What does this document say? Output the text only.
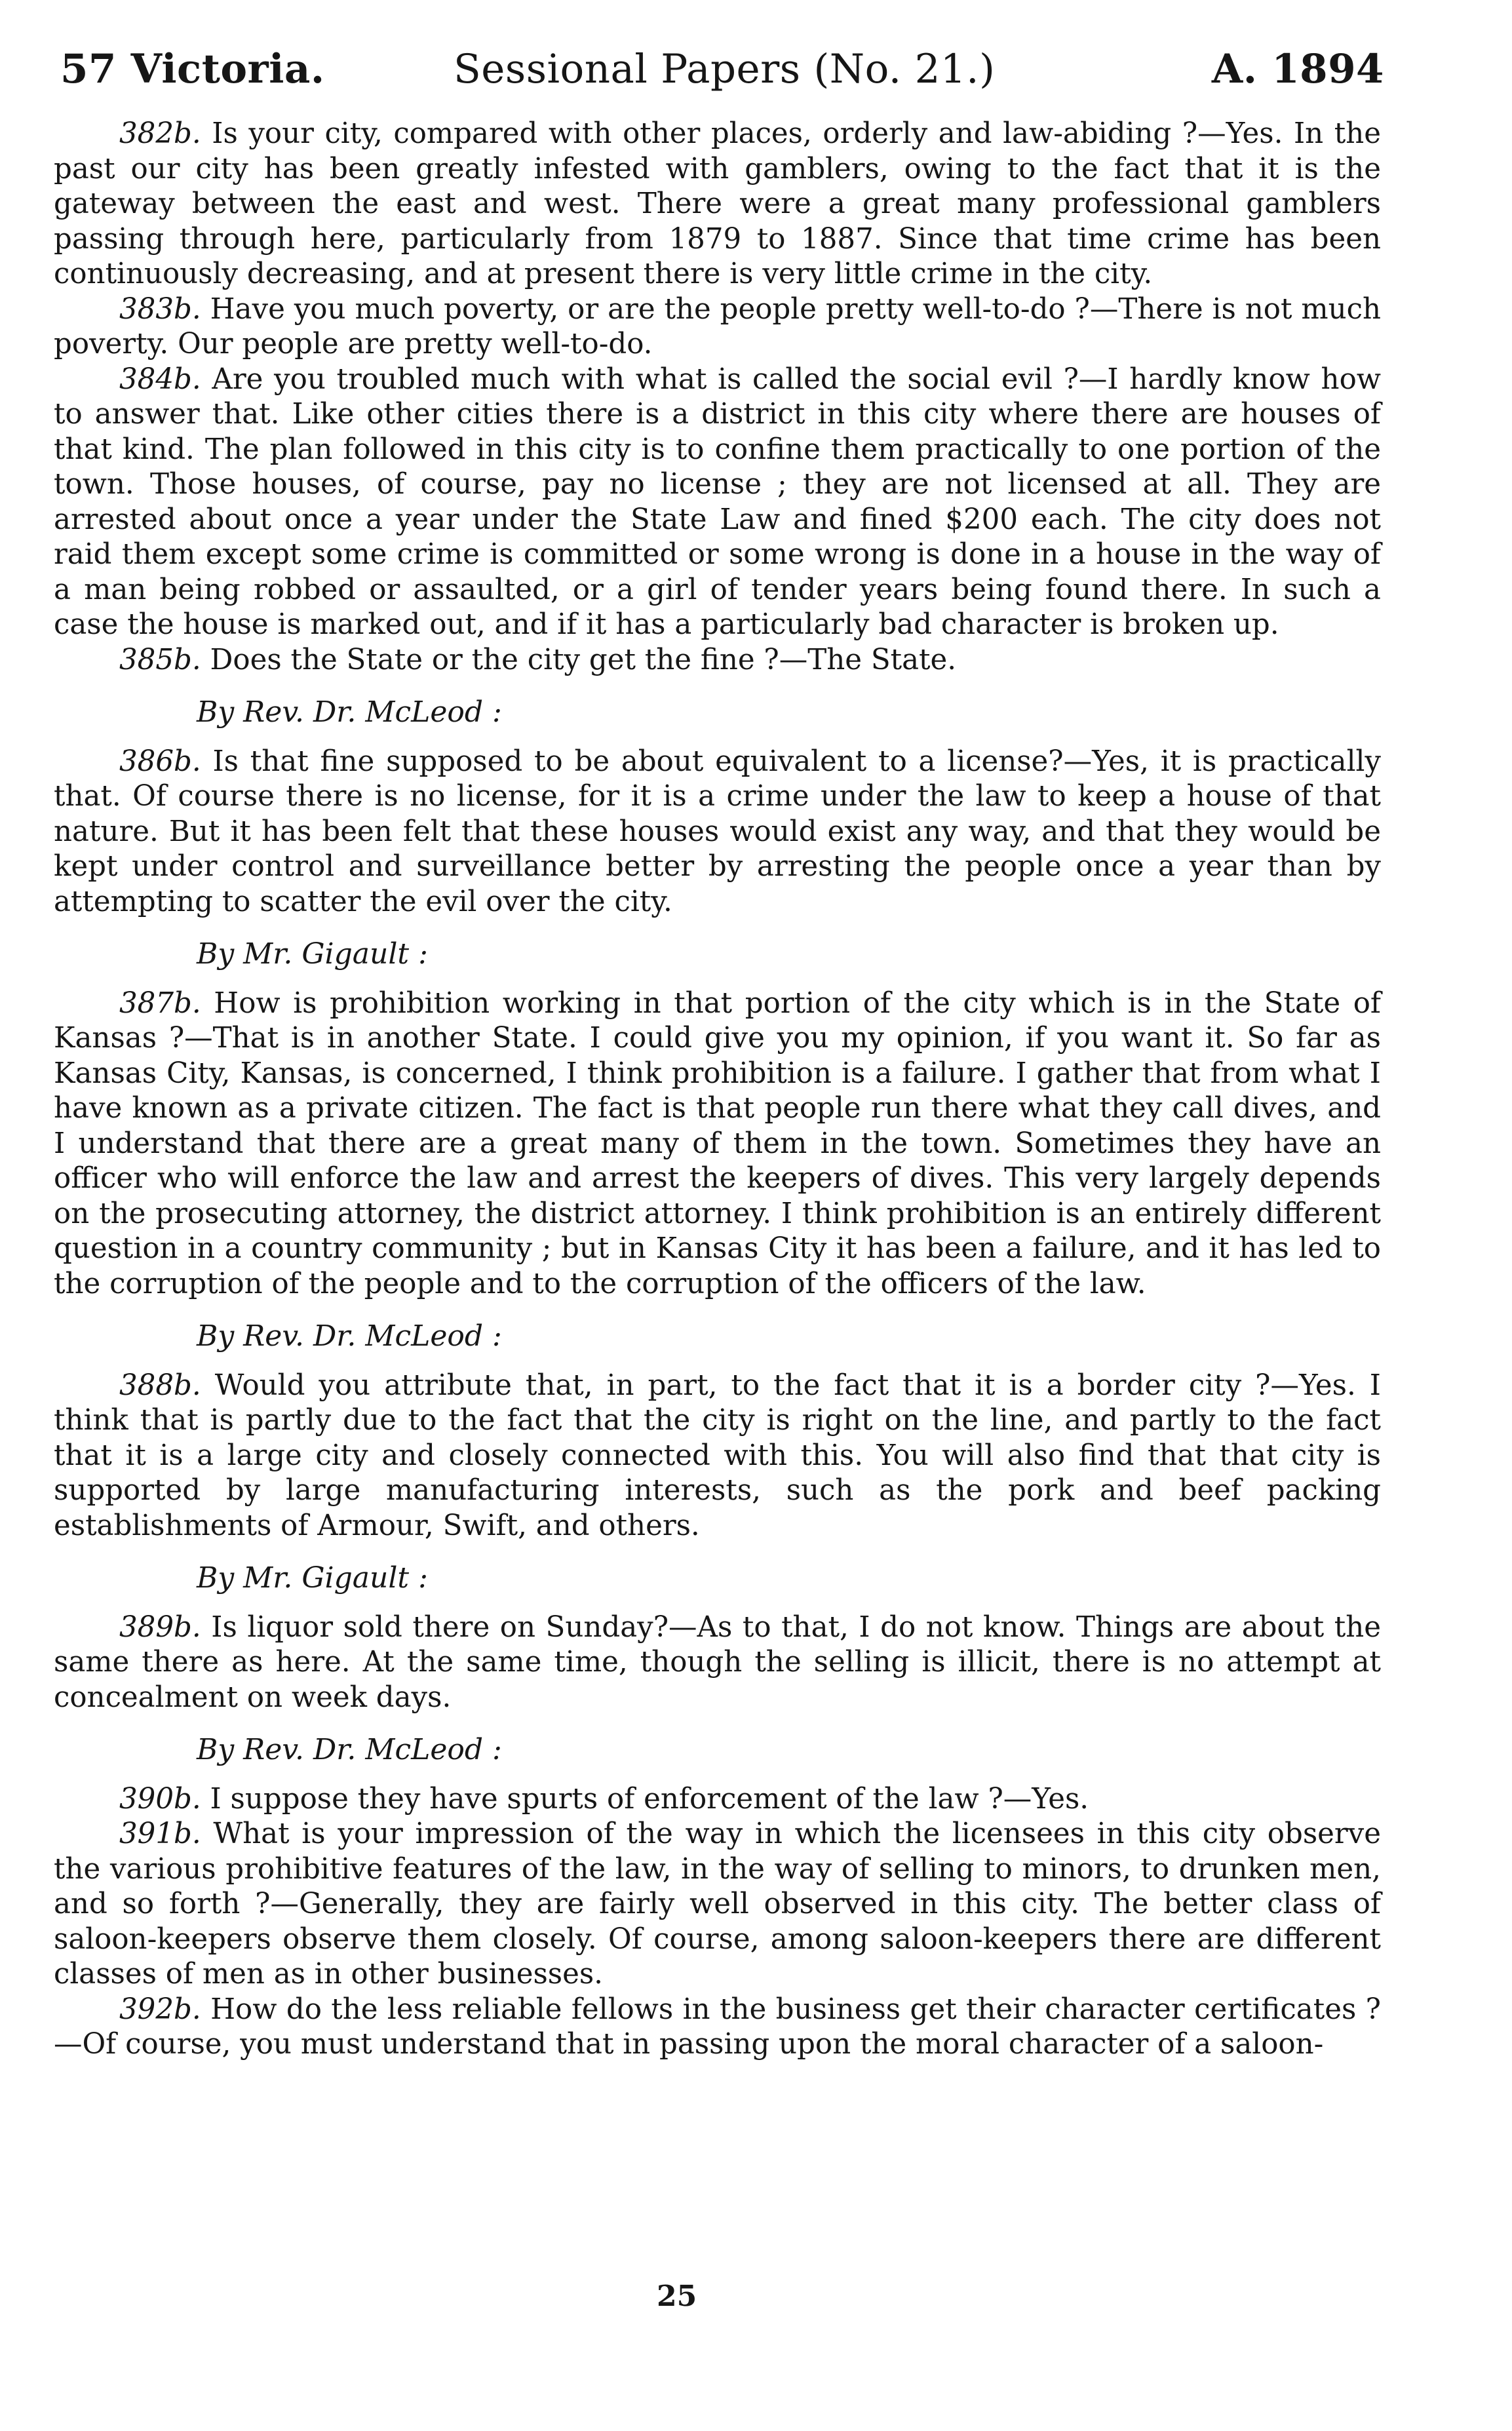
57 Victoria.	Sessional Papers (No. 21.)	A. 1894

382b. Is your city, compared with other places, orderly and law-abiding ?—Yes. In the past our city has been greatly infested with gamblers, owing to the fact that it is the gateway between the east and west. There were a great many professional gamblers passing through here, particularly from 1879 to 1887. Since that time crime has been continuously decreasing, and at present there is very little crime in the city.

383b. Have you much poverty, or are the people pretty well-to-do ?—There is not much poverty. Our people are pretty well-to-do.

384b. Are you troubled much with what is called the social evil ?—I hardly know how to answer that. Like other cities there is a district in this city where there are houses of that kind. The plan followed in this city is to confine them practically to one portion of the town. Those houses, of course, pay no license ; they are not licensed at all. They are arrested about once a year under the State Law and fined $200 each. The city does not raid them except some crime is committed or some wrong is done in a house in the way of a man being robbed or assaulted, or a girl of tender years being found there. In such a case the house is marked out, and if it has a particularly bad character is broken up.

385b. Does the State or the city get the fine ?—The State.

By Rev. Dr. McLeod :

386b. Is that fine supposed to be about equivalent to a license?—Yes, it is practically that. Of course there is no license, for it is a crime under the law to keep a house of that nature. But it has been felt that these houses would exist any way, and that they would be kept under control and surveillance better by arresting the people once a year than by attempting to scatter the evil over the city.

By Mr. Gigault :

387b. How is prohibition working in that portion of the city which is in the State of Kansas ?—That is in another State. I could give you my opinion, if you want it. So far as Kansas City, Kansas, is concerned, I think prohibition is a failure. I gather that from what I have known as a private citizen. The fact is that people run there what they call dives, and I understand that there are a great many of them in the town. Sometimes they have an officer who will enforce the law and arrest the keepers of dives. This very largely depends on the prosecuting attorney, the district attorney. I think prohibition is an entirely different question in a country community ; but in Kansas City it has been a failure, and it has led to the corruption of the people and to the corruption of the officers of the law.

By Rev. Dr. McLeod :

388b. Would you attribute that, in part, to the fact that it is a border city ?—Yes. I think that is partly due to the fact that the city is right on the line, and partly to the fact that it is a large city and closely connected with this. You will also find that that city is supported by large manufacturing interests, such as the pork and beef packing establishments of Armour, Swift, and others.

By Mr. Gigault :

389b. Is liquor sold there on Sunday?—As to that, I do not know. Things are about the same there as here. At the same time, though the selling is illicit, there is no attempt at concealment on week days.

By Rev. Dr. McLeod :

390b. I suppose they have spurts of enforcement of the law ?—Yes.

391b. What is your impression of the way in which the licensees in this city observe the various prohibitive features of the law, in the way of selling to minors, to drunken men, and so forth ?—Generally, they are fairly well observed in this city. The better class of saloon-keepers observe them closely. Of course, among saloon-keepers there are different classes of men as in other businesses.

392b. How do the less reliable fellows in the business get their character certificates ?—Of course, you must understand that in passing upon the moral character of a saloon-

25
